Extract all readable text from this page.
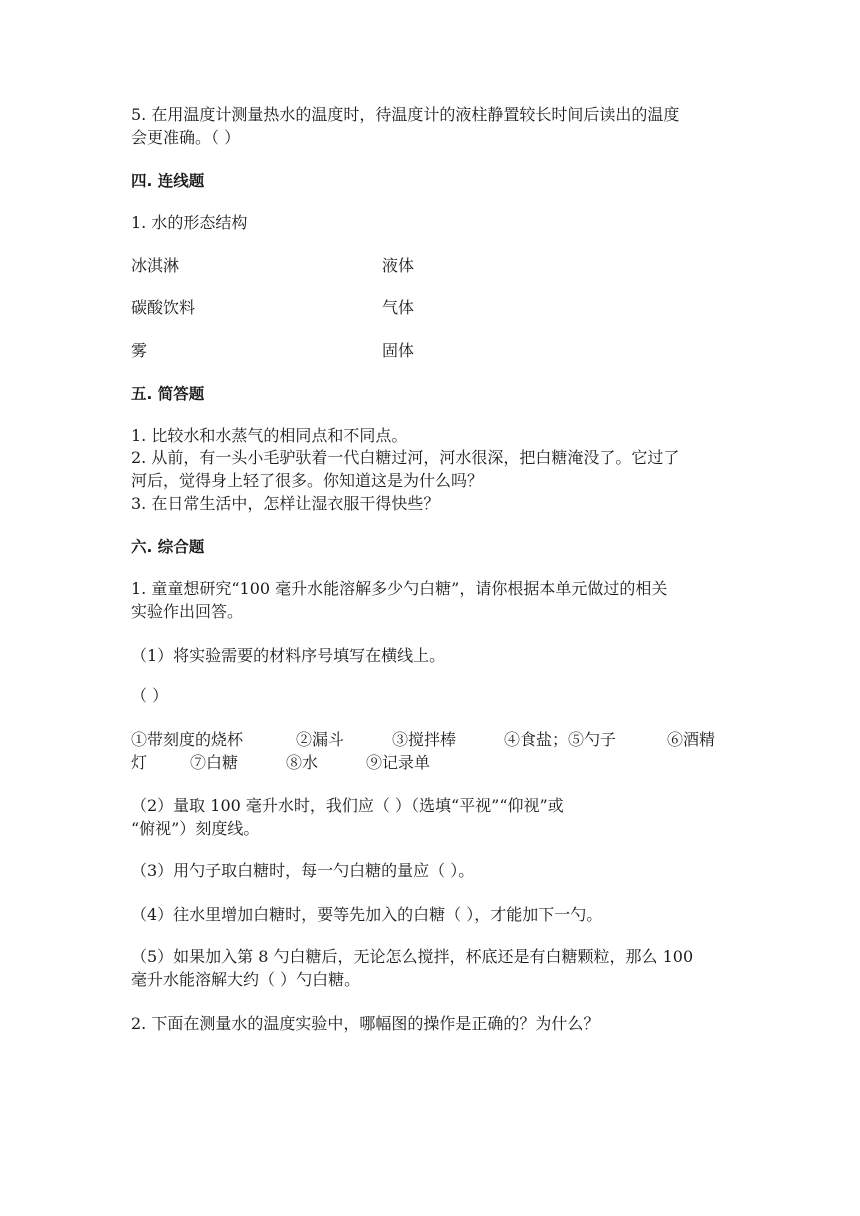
5. 在用温度计测量热水的温度时，待温度计的液柱静置较长时间后读出的温度
会更准确。（ ）
四. 连线题
1. 水的形态结构
冰淇淋	液体
碳酸饮料	气体
雾	固体
五. 简答题
1. 比较水和水蒸气的相同点和不同点。
2. 从前，有一头小毛驴驮着一代白糖过河，河水很深，把白糖淹没了。它过了
河后，觉得身上轻了很多。你知道这是为什么吗？
3. 在日常生活中，怎样让湿衣服干得快些？
六. 综合题
1. 童童想研究“100 毫升水能溶解多少勺白糖”，请你根据本单元做过的相关
实验作出回答。
（1）将实验需要的材料序号填写在横线上。
（ ）
①带刻度的烧杯	②漏斗	③搅拌棒	④食盐；⑤勺子	⑥酒精
灯	⑦白糖	⑧水	⑨记录单
（2）量取 100 毫升水时，我们应（ ）（选填“平视”“仰视”或
“俯视”）刻度线。
（3）用勺子取白糖时，每一勺白糖的量应（ ）。
（4）往水里增加白糖时，要等先加入的白糖（ ），才能加下一勺。
（5）如果加入第 8 勺白糖后，无论怎么搅拌，杯底还是有白糖颗粒，那么 100
毫升水能溶解大约（ ）勺白糖。
2. 下面在测量水的温度实验中，哪幅图的操作是正确的？为什么？
